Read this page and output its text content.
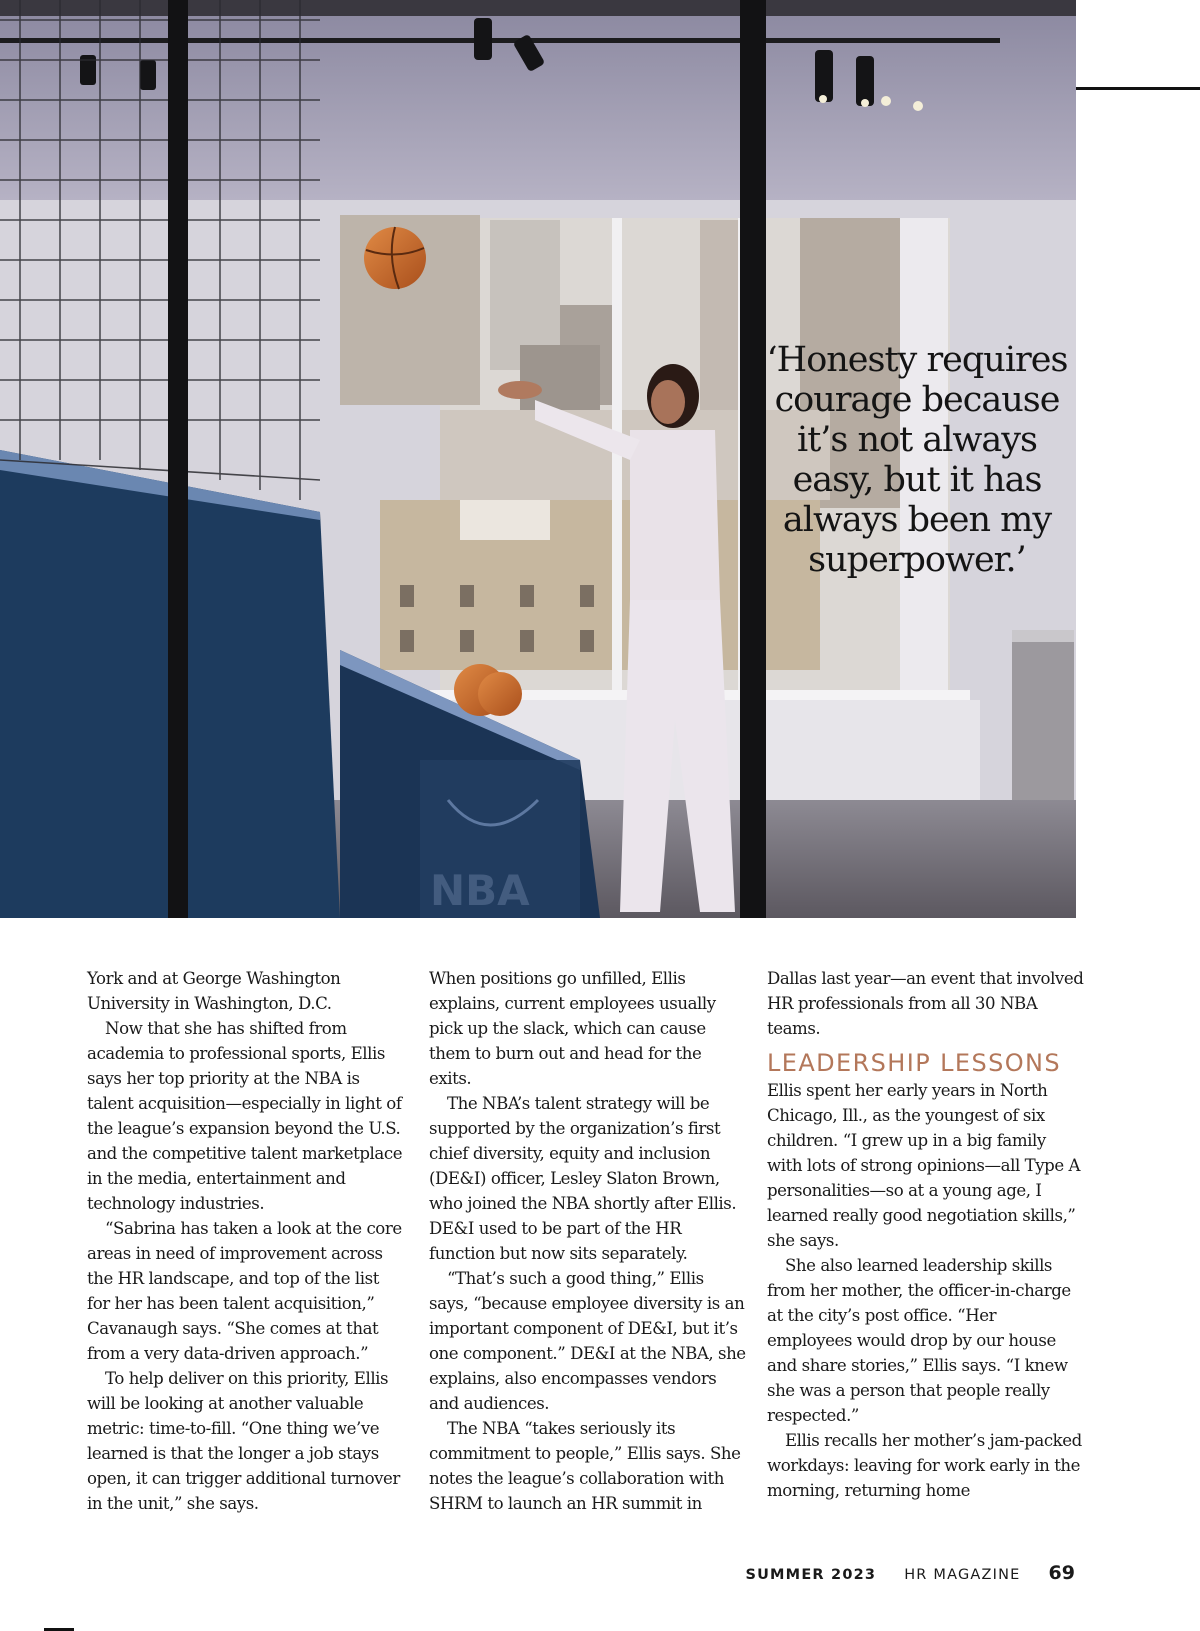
NBA
‘Honesty requires courage because it’s not always easy, but it has always been my superpower.’

York and at George Washington University in Washington, D.C.

Now that she has shifted from academia to professional sports, Ellis says her top priority at the NBA is talent acquisition—especially in light of the league’s expansion beyond the U.S. and the competitive talent marketplace in the media, entertainment and technology industries.

“Sabrina has taken a look at the core areas in need of improvement across the HR landscape, and top of the list for her has been talent acquisition,” Cavanaugh says. “She comes at that from a very data-driven approach.”

To help deliver on this priority, Ellis will be looking at another valuable metric: time-to-fill. “One thing we’ve learned is that the longer a job stays open, it can trigger additional turnover in the unit,” she says.

When positions go unfilled, Ellis explains, current employees usually pick up the slack, which can cause them to burn out and head for the exits.

The NBA’s talent strategy will be supported by the organization’s first chief diversity, equity and inclusion (DE&I) officer, Lesley Slaton Brown, who joined the NBA shortly after Ellis. DE&I used to be part of the HR function but now sits separately.

“That’s such a good thing,” Ellis says, “because employee diversity is an important component of DE&I, but it’s one component.” DE&I at the NBA, she explains, also encompasses vendors and audiences.

The NBA “takes seriously its commitment to people,” Ellis says. She notes the league’s collaboration with SHRM to launch an HR summit in

Dallas last year—an event that involved HR professionals from all 30 NBA teams.

LEADERSHIP LESSONS

Ellis spent her early years in North Chicago, Ill., as the youngest of six children. “I grew up in a big family with lots of strong opinions—all Type A personalities—so at a young age, I learned really good negotiation skills,” she says.

She also learned leadership skills from her mother, the officer-in-charge at the city’s post office. “Her employees would drop by our house and share stories,” Ellis says. “I knew she was a person that people really respected.”

Ellis recalls her mother’s jam-packed workdays: leaving for work early in the morning, returning home

SUMMER 2023 HR MAGAZINE 69
